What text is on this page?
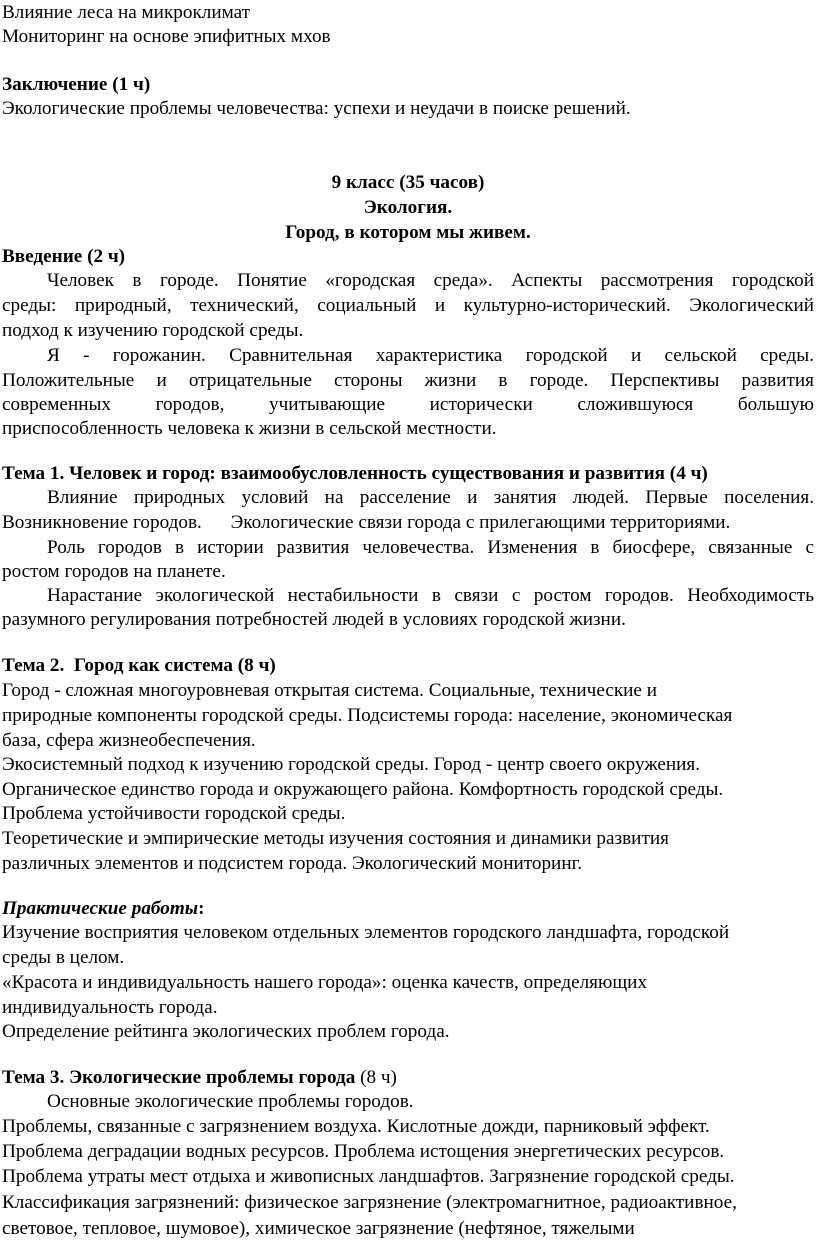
Влияние леса на микроклимат
Мониторинг на основе эпифитных мхов
Заключение (1 ч)
Экологические проблемы человечества: успехи и неудачи в поиске решений.
9 класс (35 часов)
Экология.
Город, в котором мы живем.
Введение (2 ч)
Человек в городе. Понятие «городская среда». Аспекты рассмотрения городской
среды: природный, технический, социальный и культурно-исторический. Экологический
подход к изучению городской среды.
Я - горожанин. Сравнительная характеристика городской и сельской среды.
Положительные и отрицательные стороны жизни в городе. Перспективы развития
современных городов, учитывающие исторически сложившуюся большую
приспособленность человека к жизни в сельской местности.
Тема 1. Человек и город: взаимообусловленность существования и развития (4 ч)
Влияние природных условий на расселение и занятия людей. Первые поселения.
Возникновение городов.      Экологические связи города с прилегающими территориями.
Роль городов в истории развития человечества. Изменения в биосфере, связанные с
ростом городов на планете.
Нарастание экологической нестабильности в связи с ростом городов. Необходимость
разумного регулирования потребностей людей в условиях городской жизни.
Тема 2.  Город как система (8 ч)
Город - сложная многоуровневая открытая система. Социальные, технические и
природные компоненты городской среды. Подсистемы города: население, экономическая
база, сфера жизнеобеспечения.
Экосистемный подход к изучению городской среды. Город - центр своего окружения.
Органическое единство города и окружающего района. Комфортность городской среды.
Проблема устойчивости городской среды.
Теоретические и эмпирические методы изучения состояния и динамики развития
различных элементов и подсистем города. Экологический мониторинг.
Практические работы:
Изучение восприятия человеком отдельных элементов городского ландшафта, городской
среды в целом.
«Красота и индивидуальность нашего города»: оценка качеств, определяющих
индивидуальность города.
Определение рейтинга экологических проблем города.
Тема 3. Экологические проблемы города (8 ч)
Основные экологические проблемы городов.
Проблемы, связанные с загрязнением воздуха. Кислотные дожди, парниковый эффект.
Проблема деградации водных ресурсов. Проблема истощения энергетических ресурсов.
Проблема утраты мест отдыха и живописных ландшафтов. Загрязнение городской среды.
Классификация загрязнений: физическое загрязнение (электромагнитное, радиоактивное,
световое, тепловое, шумовое), химическое загрязнение (нефтяное, тяжелыми
